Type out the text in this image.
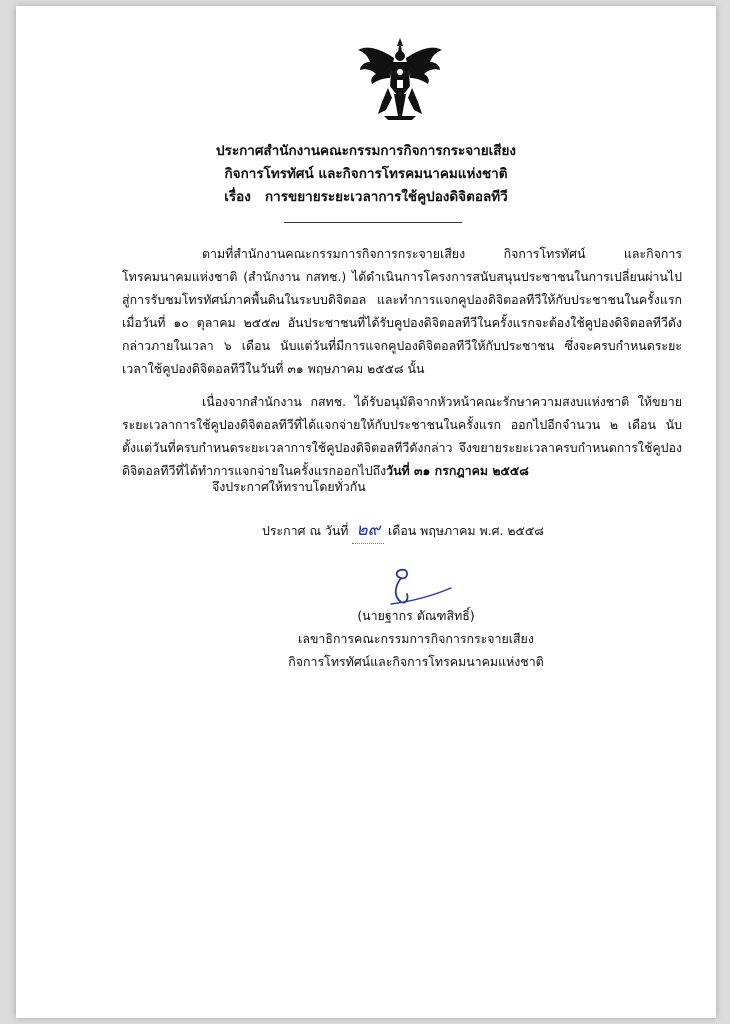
ประกาศสำนักงานคณะกรรมการกิจการกระจายเสียง
กิจการโทรทัศน์ และกิจการโทรคมนาคมแห่งชาติ
เรื่อง การขยายระยะเวลาการใช้คูปองดิจิตอลทีวี

ตามที่สำนักงานคณะกรรมการกิจการกระจายเสียง กิจการโทรทัศน์ และกิจการโทรคมนาคมแห่งชาติ (สำนักงาน กสทช.) ได้ดำเนินการโครงการสนับสนุนประชาชนในการเปลี่ยนผ่านไปสู่การรับชมโทรทัศน์ภาคพื้นดินในระบบดิจิตอล และทำการแจกคูปองดิจิตอลทีวีให้กับประชาชนในครั้งแรกเมื่อวันที่ ๑๐ ตุลาคม ๒๕๕๗ อันประชาชนที่ได้รับคูปองดิจิตอลทีวีในครั้งแรกจะต้องใช้คูปองดิจิตอลทีวีดังกล่าวภายในเวลา ๖ เดือน นับแต่วันที่มีการแจกคูปองดิจิตอลทีวีให้กับประชาชน ซึ่งจะครบกำหนดระยะเวลาใช้คูปองดิจิตอลทีวีในวันที่ ๓๑ พฤษภาคม ๒๕๕๘ นั้น

เนื่องจากสำนักงาน กสทช. ได้รับอนุมัติจากหัวหน้าคณะรักษาความสงบแห่งชาติ ให้ขยายระยะเวลาการใช้คูปองดิจิตอลทีวีที่ได้แจกจ่ายให้กับประชาชนในครั้งแรก ออกไปอีกจำนวน ๒ เดือน นับตั้งแต่วันที่ครบกำหนดระยะเวลาการใช้คูปองดิจิตอลทีวีดังกล่าว จึงขยายระยะเวลาครบกำหนดการใช้คูปองดิจิตอลทีวีที่ได้ทำการแจกจ่ายในครั้งแรกออกไปถึงวันที่ ๓๑ กรกฎาคม ๒๕๕๘

จึงประกาศให้ทราบโดยทั่วกัน
ประกาศ ณ วันที่ ๒๙ เดือน พฤษภาคม พ.ศ. ๒๕๕๘
(นายฐากร ตัณฑสิทธิ์)
เลขาธิการคณะกรรมการกิจการกระจายเสียง
กิจการโทรทัศน์และกิจการโทรคมนาคมแห่งชาติ
